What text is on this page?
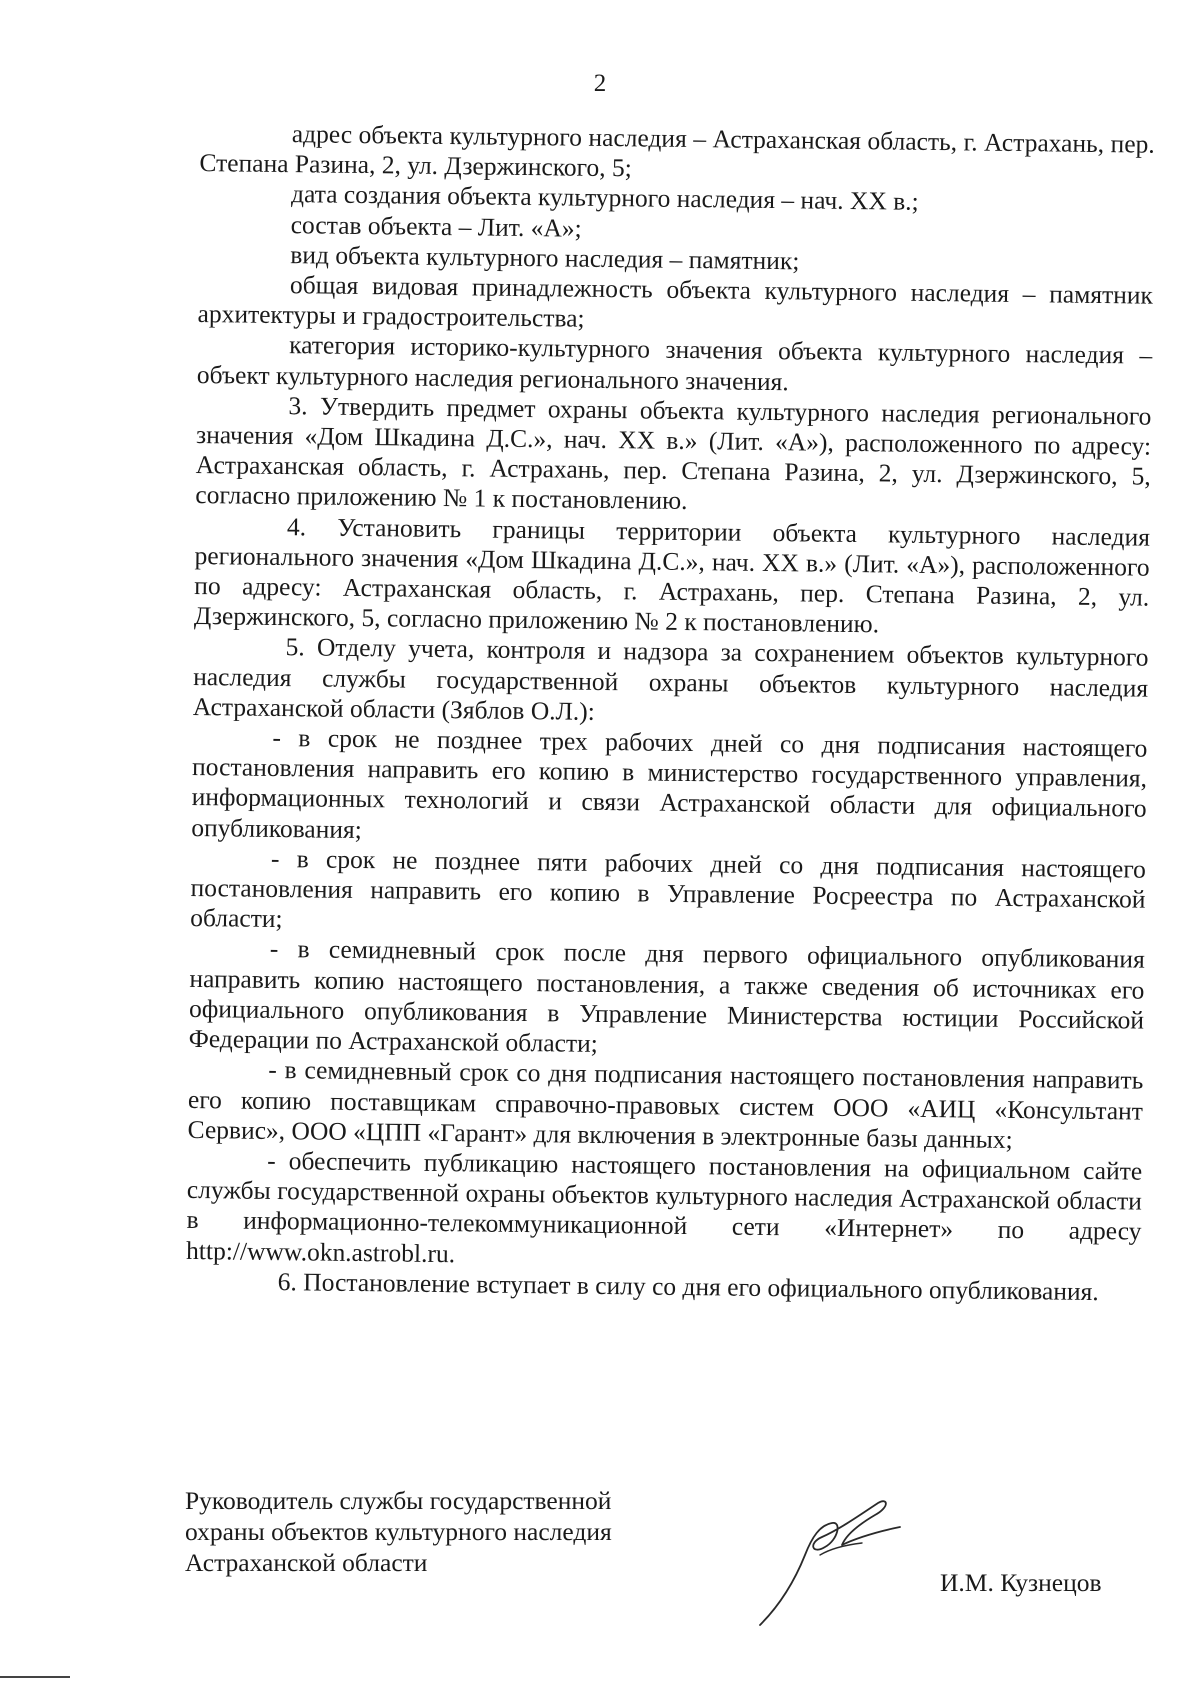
2

адрес объекта культурного наследия – Астраханская область, г. Астрахань, пер. Степана Разина, 2, ул. Дзержинского, 5;

дата создания объекта культурного наследия – нач. XX в.;

состав объекта – Лит. «А»;

вид объекта культурного наследия – памятник;

общая видовая принадлежность объекта культурного наследия – памятник архитектуры и градостроительства;

категория историко-культурного значения объекта культурного наследия – объект культурного наследия регионального значения.

3. Утвердить предмет охраны объекта культурного наследия регионального значения «Дом Шкадина Д.С.», нач. XX в.» (Лит. «А»), расположенного по адресу: Астраханская область, г. Астрахань, пер. Степана Разина, 2, ул. Дзержинского, 5, согласно приложению № 1 к постановлению.

4. Установить границы территории объекта культурного наследия регионального значения «Дом Шкадина Д.С.», нач. XX в.» (Лит. «А»), расположенного по адресу: Астраханская область, г. Астрахань, пер. Степана Разина, 2, ул. Дзержинского, 5, согласно приложению № 2 к постановлению.

5. Отделу учета, контроля и надзора за сохранением объектов культурного наследия службы государственной охраны объектов культурного наследия Астраханской области (Зяблов О.Л.):

- в срок не позднее трех рабочих дней со дня подписания настоящего постановления направить его копию в министерство государственного управления, информационных технологий и связи Астраханской области для официального опубликования;

- в срок не позднее пяти рабочих дней со дня подписания настоящего постановления направить его копию в Управление Росреестра по Астраханской области;

- в семидневный срок после дня первого официального опубликования направить копию настоящего постановления, а также сведения об источниках его официального опубликования в Управление Министерства юстиции Российской Федерации по Астраханской области;

- в семидневный срок со дня подписания настоящего постановления направить его копию поставщикам справочно-правовых систем ООО «АИЦ «Консультант Сервис», ООО «ЦПП «Гарант» для включения в электронные базы данных;

- обеспечить публикацию настоящего постановления на официальном сайте службы государственной охраны объектов культурного наследия Астраханской области в информационно-телекоммуникационной сети «Интернет» по адресу http://www.okn.astrobl.ru.

6. Постановление вступает в силу со дня его официального опубликования.

Руководитель службы государственной
охраны объектов культурного наследия
Астраханской области
И.М. Кузнецов
